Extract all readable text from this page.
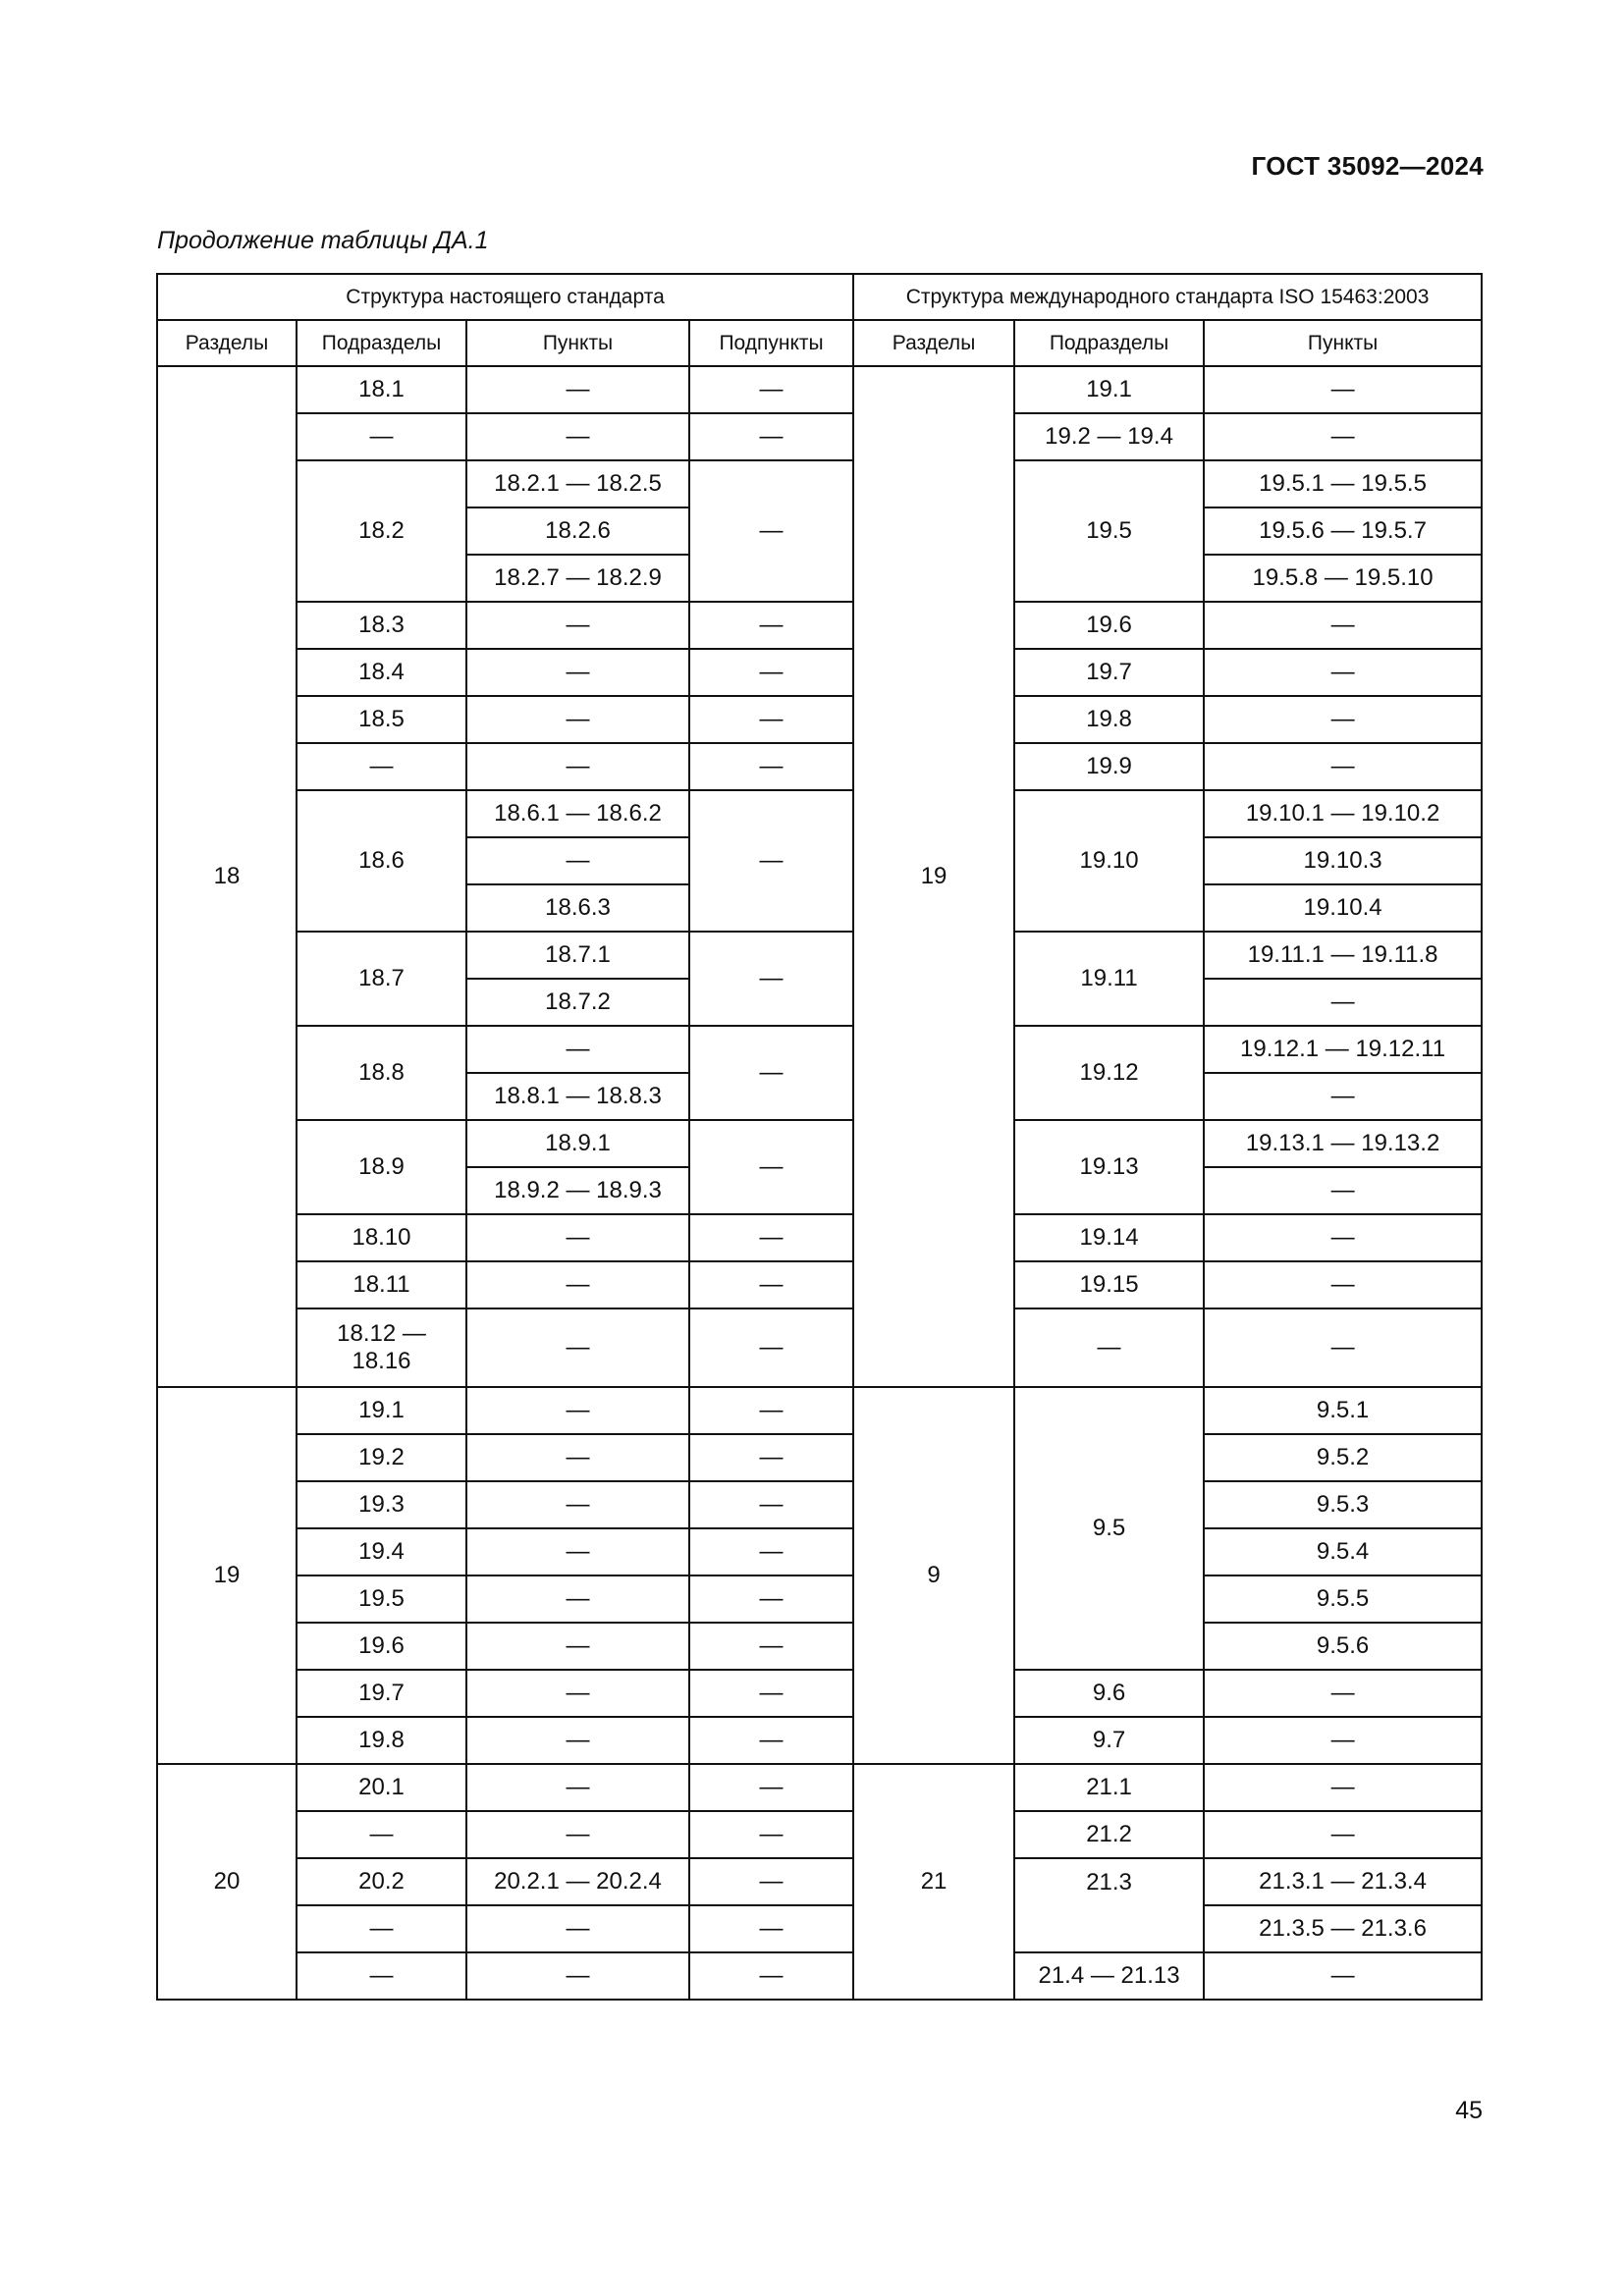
ГОСТ 35092—2024
Продолжение таблицы ДА.1
Структура настоящего стандарта				Структура международного стандарта ISO 15463:2003		
Разделы	Подразделы	Пункты	Подпункты	Разделы	Подразделы	Пункты
18	18.1	—	—	19	19.1	—
	—	—	—		19.2 — 19.4	—
	18.2	18.2.1 — 18.2.5	—		19.5	19.5.1 — 19.5.5
		18.2.6				19.5.6 — 19.5.7
		18.2.7 — 18.2.9				19.5.8 — 19.5.10
	18.3	—	—		19.6	—
	18.4	—	—		19.7	—
	18.5	—	—		19.8	—
	—	—	—		19.9	—
	18.6	18.6.1 — 18.6.2	—		19.10	19.10.1 — 19.10.2
		—				19.10.3
		18.6.3				19.10.4
	18.7	18.7.1	—		19.11	19.11.1 — 19.11.8
		18.7.2				—
	18.8	—	—		19.12	19.12.1 — 19.12.11
		18.8.1 — 18.8.3				—
	18.9	18.9.1	—		19.13	19.13.1 — 19.13.2
		18.9.2 — 18.9.3				—
	18.10	—	—		19.14	—
	18.11	—	—		19.15	—
	18.12 — 18.16	—	—		—	—
19	19.1	—	—	9	9.5	9.5.1
	19.2	—	—			9.5.2
	19.3	—	—			9.5.3
	19.4	—	—			9.5.4
	19.5	—	—			9.5.5
	19.6	—	—			9.5.6
	19.7	—	—		9.6	—
	19.8	—	—		9.7	—
20	20.1	—	—	21	21.1	—
	—	—	—		21.2	—
	20.2	20.2.1 — 20.2.4	—		21.3	21.3.1 — 21.3.4
	—	—	—			21.3.5 — 21.3.6
	—	—	—		21.4 — 21.13	—
45
